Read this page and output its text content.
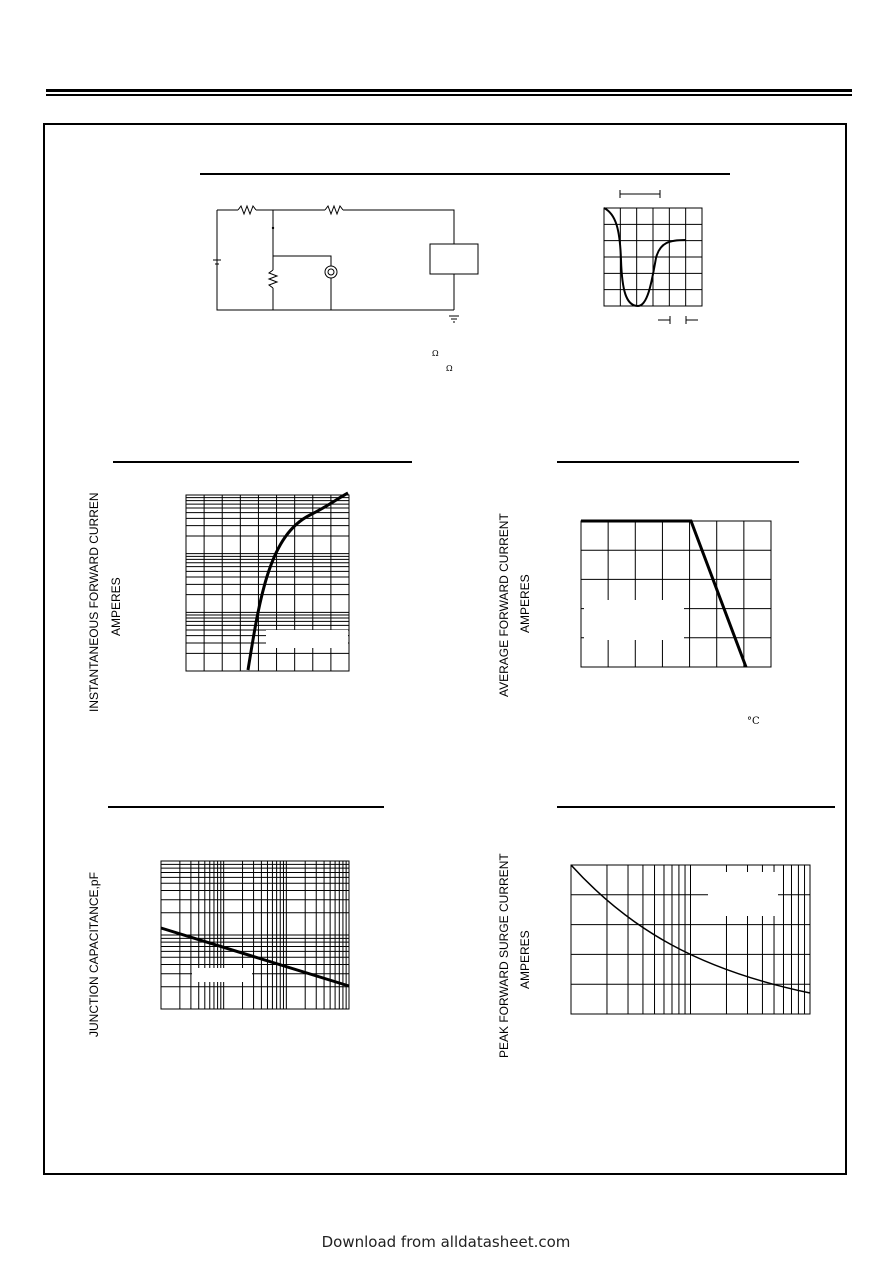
Ω
Ω
INSTANTANEOUS FORWARD CURREN AMPERES	AVERAGE FORWARD CURRENT AMPERES
°C
JUNCTION CAPACITANCE,pF	PEAK FORWARD SURGE CURRENT AMPERES
Download from alldatasheet.com
